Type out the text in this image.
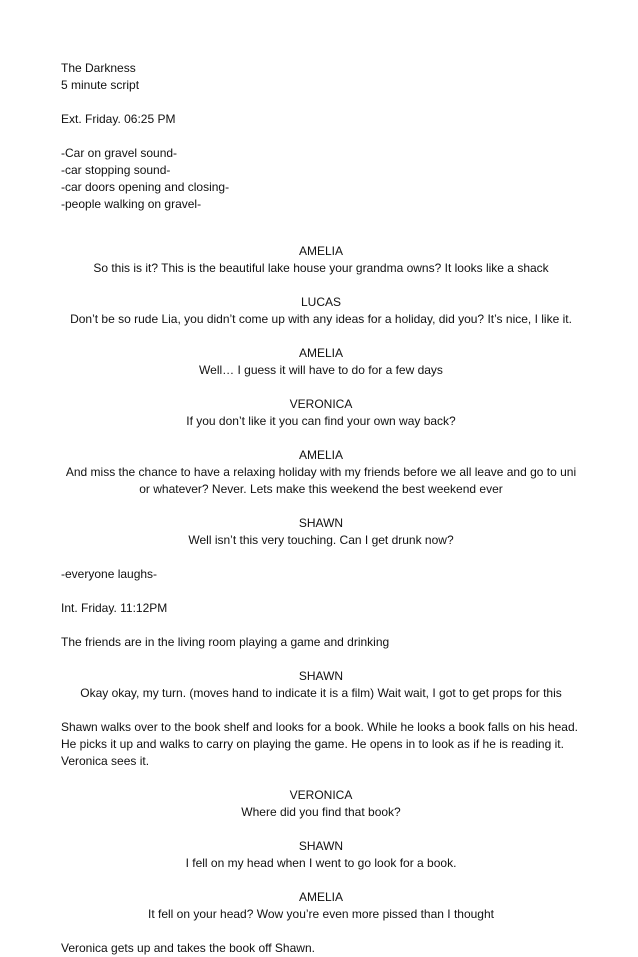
The Darkness
5 minute script
Ext. Friday. 06:25 PM
-Car on gravel sound-
-car stopping sound-
-car doors opening and closing-
-people walking on gravel-
AMELIA
So this is it? This is the beautiful lake house your grandma owns? It looks like a shack
LUCAS
Don’t be so rude Lia, you didn’t come up with any ideas for a holiday, did you? It’s nice, I like it.
AMELIA
Well… I guess it will have to do for a few days
VERONICA
If you don’t like it you can find your own way back?
AMELIA
And miss the chance to have a relaxing holiday with my friends before we all leave and go to uni or whatever? Never. Lets make this weekend the best weekend ever
SHAWN
Well isn’t this very touching. Can I get drunk now?
-everyone laughs-
Int. Friday. 11:12PM
The friends are in the living room playing a game and drinking
SHAWN
Okay okay, my turn. (moves hand to indicate it is a film) Wait wait, I got to get props for this
Shawn walks over to the book shelf and looks for a book. While he looks a book falls on his head. He picks it up and walks to carry on playing the game. He opens in to look as if he is reading it. Veronica sees it.
VERONICA
Where did you find that book?
SHAWN
I fell on my head when I went to go look for a book.
AMELIA
It fell on your head? Wow you’re even more pissed than I thought
Veronica gets up and takes the book off Shawn.
